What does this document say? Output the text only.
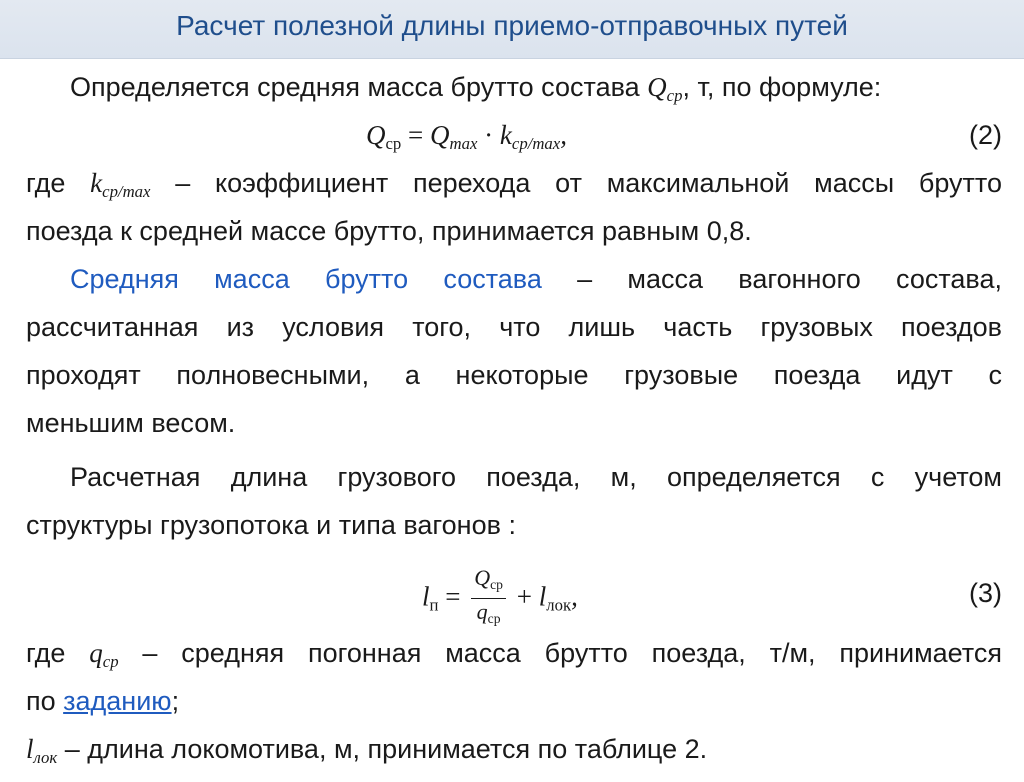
Расчет полезной длины приемо-отправочных путей
Определяется средняя масса брутто состава $Q_{ср}$, т, по формуле:
$Q_{ср} = Q_{max} \cdot k_{ср/max}$,	(2)
где $k_{ср/max}$ – коэффициент перехода от максимальной массы брутто
поезда к средней массе брутто, принимается равным 0,8.
Средняя масса брутто состава – масса вагонного состава,
рассчитанная из условия того, что лишь часть грузовых поездов
проходят полновесными, а некоторые грузовые поезда идут с
меньшим весом.
Расчетная длина грузового поезда, м, определяется с учетом
структуры грузопотока и типа вагонов :
$l_п = \frac{Q_{ср}}{q_{ср}} + l_{лок}$,	(3)
где $q_{ср}$ – средняя погонная масса брутто поезда, т/м, принимается
по заданию;
$l_{лок}$ – длина локомотива, м, принимается по таблице 2.
